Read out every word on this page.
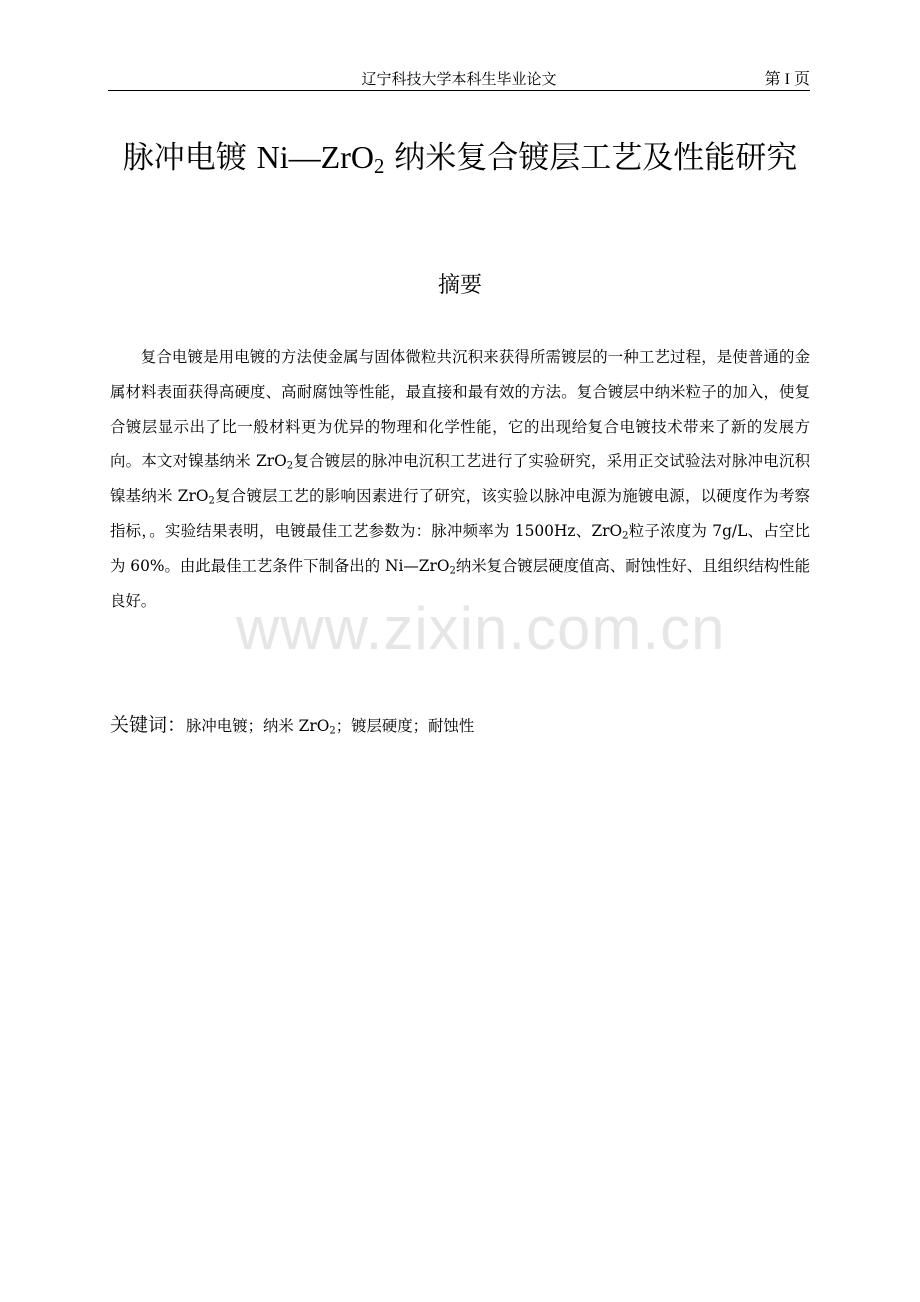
辽宁科技大学本科生毕业论文	第 I 页
脉冲电镀 Ni—ZrO$_2$ 纳米复合镀层工艺及性能研究
摘要

复合电镀是用电镀的方法使金属与固体微粒共沉积来获得所需镀层的一种工艺过程，是使普通的金属材料表面获得高硬度、高耐腐蚀等性能，最直接和最有效的方法。复合镀层中纳米粒子的加入，使复合镀层显示出了比一般材料更为优异的物理和化学性能，它的出现给复合电镀技术带来了新的发展方向。本文对镍基纳米 ZrO$_2$复合镀层的脉冲电沉积工艺进行了实验研究，采用正交试验法对脉冲电沉积镍基纳米 ZrO$_2$复合镀层工艺的影响因素进行了研究，该实验以脉冲电源为施镀电源，以硬度作为考察指标，。实验结果表明，电镀最佳工艺参数为：脉冲频率为 1500Hz、ZrO$_2$粒子浓度为 7g/L、占空比为 60%。由此最佳工艺条件下制备出的 Ni—ZrO$_2$纳米复合镀层硬度值高、耐蚀性好、且组织结构性能良好。	www.zixin.com.cn
关键词：脉冲电镀；纳米 ZrO$_2$；镀层硬度；耐蚀性
